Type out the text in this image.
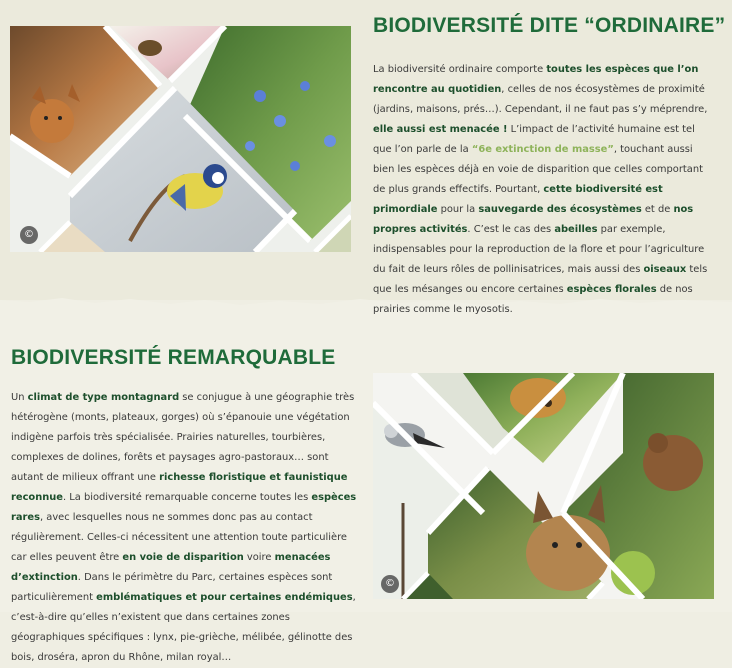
©
BIODIVERSITÉ DITE “ORDINAIRE”

La biodiversité ordinaire comporte toutes les espèces que l’on rencontre au quotidien, celles de nos écosystèmes de proximité (jardins, maisons, prés…). Cependant, il ne faut pas s’y méprendre, elle aussi est menacée ! L’impact de l’activité humaine est tel que l’on parle de la “6e extinction de masse”, touchant aussi bien les espèces déjà en voie de disparition que celles comportant de plus grands effectifs. Pourtant, cette biodiversité est primordiale pour la sauvegarde des écosystèmes et de nos propres activités. C’est le cas des abeilles par exemple, indispensables pour la reproduction de la flore et pour l’agriculture du fait de leurs rôles de pollinisatrices, mais aussi des oiseaux tels que les mésanges ou encore certaines espèces florales de nos prairies comme le myosotis.

BIODIVERSITÉ REMARQUABLE

Un climat de type montagnard se conjugue à une géographie très hétérogène (monts, plateaux, gorges) où s’épanouie une végétation indigène parfois très spécialisée. Prairies naturelles, tourbières, complexes de dolines, forêts et paysages agro-pastoraux… sont autant de milieux offrant une richesse floristique et faunistique reconnue. La biodiversité remarquable concerne toutes les espèces rares, avec lesquelles nous ne sommes donc pas au contact régulièrement. Celles-ci nécessitent une attention toute particulière car elles peuvent être en voie de disparition voire menacées d’extinction. Dans le périmètre du Parc, certaines espèces sont particulièrement emblématiques et pour certaines endémiques, c’est-à-dire qu’elles n’existent que dans certaines zones géographiques spécifiques : lynx, pie-grièche, mélibée, gélinotte des bois, droséra, apron du Rhône, milan royal…

©
